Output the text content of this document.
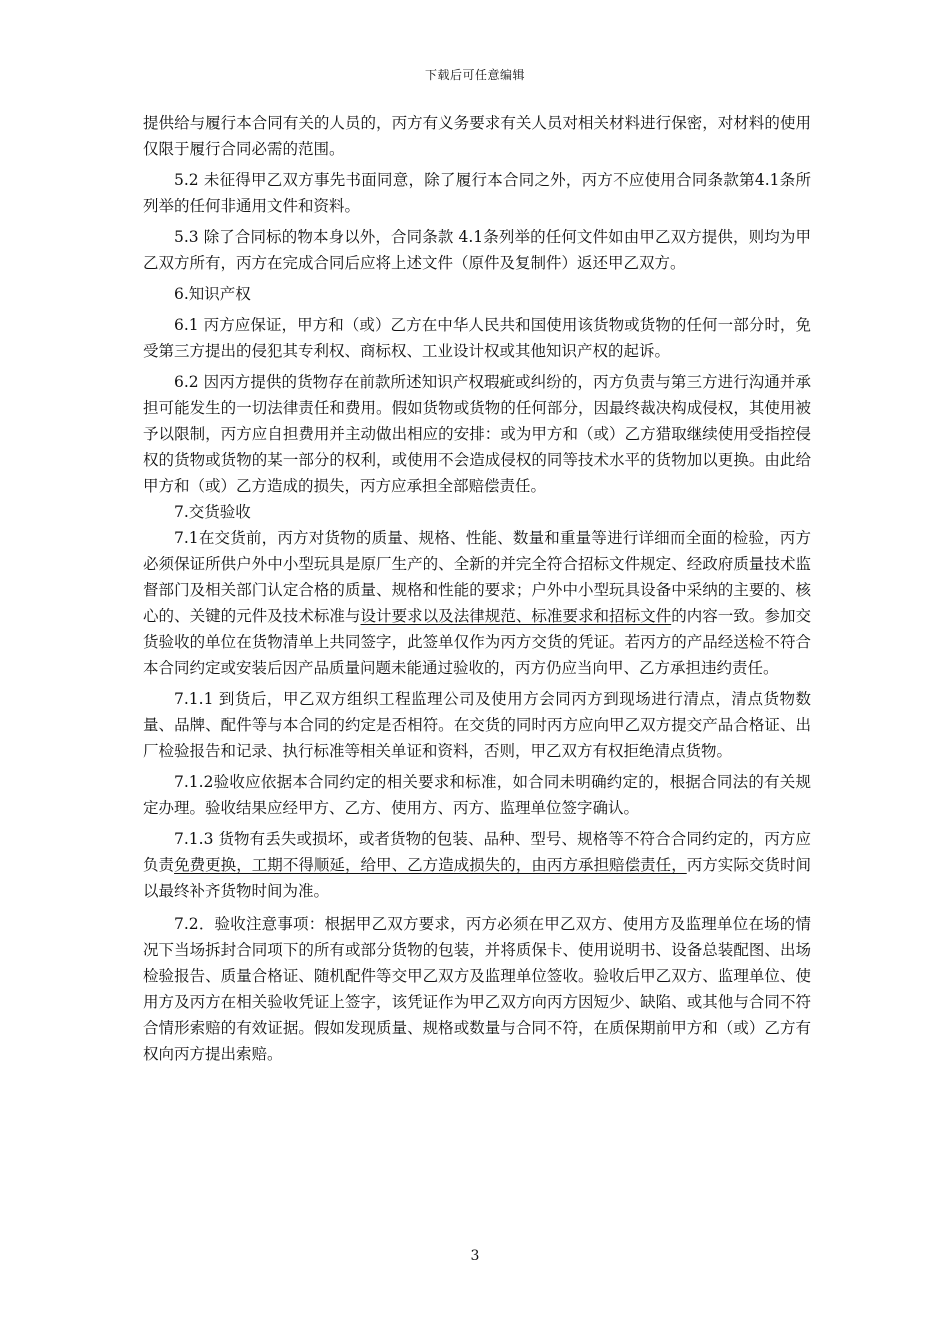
下载后可任意编辑

提供给与履行本合同有关的人员的，丙方有义务要求有关人员对相关材料进行保密，对材料的使用仅限于履行合同必需的范围。

5.2 未征得甲乙双方事先书面同意，除了履行本合同之外，丙方不应使用合同条款第4.1条所列举的任何非通用文件和资料。

5.3 除了合同标的物本身以外，合同条款 4.1条列举的任何文件如由甲乙双方提供，则均为甲乙双方所有，丙方在完成合同后应将上述文件（原件及复制件）返还甲乙双方。

6.知识产权

6.1 丙方应保证，甲方和（或）乙方在中华人民共和国使用该货物或货物的任何一部分时，免受第三方提出的侵犯其专利权、商标权、工业设计权或其他知识产权的起诉。

6.2 因丙方提供的货物存在前款所述知识产权瑕疵或纠纷的，丙方负责与第三方进行沟通并承担可能发生的一切法律责任和费用。假如货物或货物的任何部分，因最终裁决构成侵权，其使用被予以限制，丙方应自担费用并主动做出相应的安排：或为甲方和（或）乙方猎取继续使用受指控侵权的货物或货物的某一部分的权利，或使用不会造成侵权的同等技术水平的货物加以更换。由此给甲方和（或）乙方造成的损失，丙方应承担全部赔偿责任。

7.交货验收

7.1在交货前，丙方对货物的质量、规格、性能、数量和重量等进行详细而全面的检验，丙方必须保证所供户外中小型玩具是原厂生产的、全新的并完全符合招标文件规定、经政府质量技术监督部门及相关部门认定合格的质量、规格和性能的要求；户外中小型玩具设备中采纳的主要的、核心的、关键的元件及技术标准与设计要求以及法律规范、标准要求和招标文件的内容一致。参加交货验收的单位在货物清单上共同签字，此签单仅作为丙方交货的凭证。若丙方的产品经送检不符合本合同约定或安装后因产品质量问题未能通过验收的，丙方仍应当向甲、乙方承担违约责任。

7.1.1 到货后，甲乙双方组织工程监理公司及使用方会同丙方到现场进行清点，清点货物数量、品牌、配件等与本合同的约定是否相符。在交货的同时丙方应向甲乙双方提交产品合格证、出厂检验报告和记录、执行标准等相关单证和资料，否则，甲乙双方有权拒绝清点货物。

7.1.2验收应依据本合同约定的相关要求和标准，如合同未明确约定的，根据合同法的有关规定办理。验收结果应经甲方、乙方、使用方、丙方、监理单位签字确认。

7.1.3 货物有丢失或损坏，或者货物的包装、品种、型号、规格等不符合合同约定的，丙方应负责免费更换，工期不得顺延，给甲、乙方造成损失的，由丙方承担赔偿责任，丙方实际交货时间以最终补齐货物时间为准。

7.2．验收注意事项：根据甲乙双方要求，丙方必须在甲乙双方、使用方及监理单位在场的情况下当场拆封合同项下的所有或部分货物的包装，并将质保卡、使用说明书、设备总装配图、出场检验报告、质量合格证、随机配件等交甲乙双方及监理单位签收。验收后甲乙双方、监理单位、使用方及丙方在相关验收凭证上签字，该凭证作为甲乙双方向丙方因短少、缺陷、或其他与合同不符合情形索赔的有效证据。假如发现质量、规格或数量与合同不符，在质保期前甲方和（或）乙方有权向丙方提出索赔。

3
